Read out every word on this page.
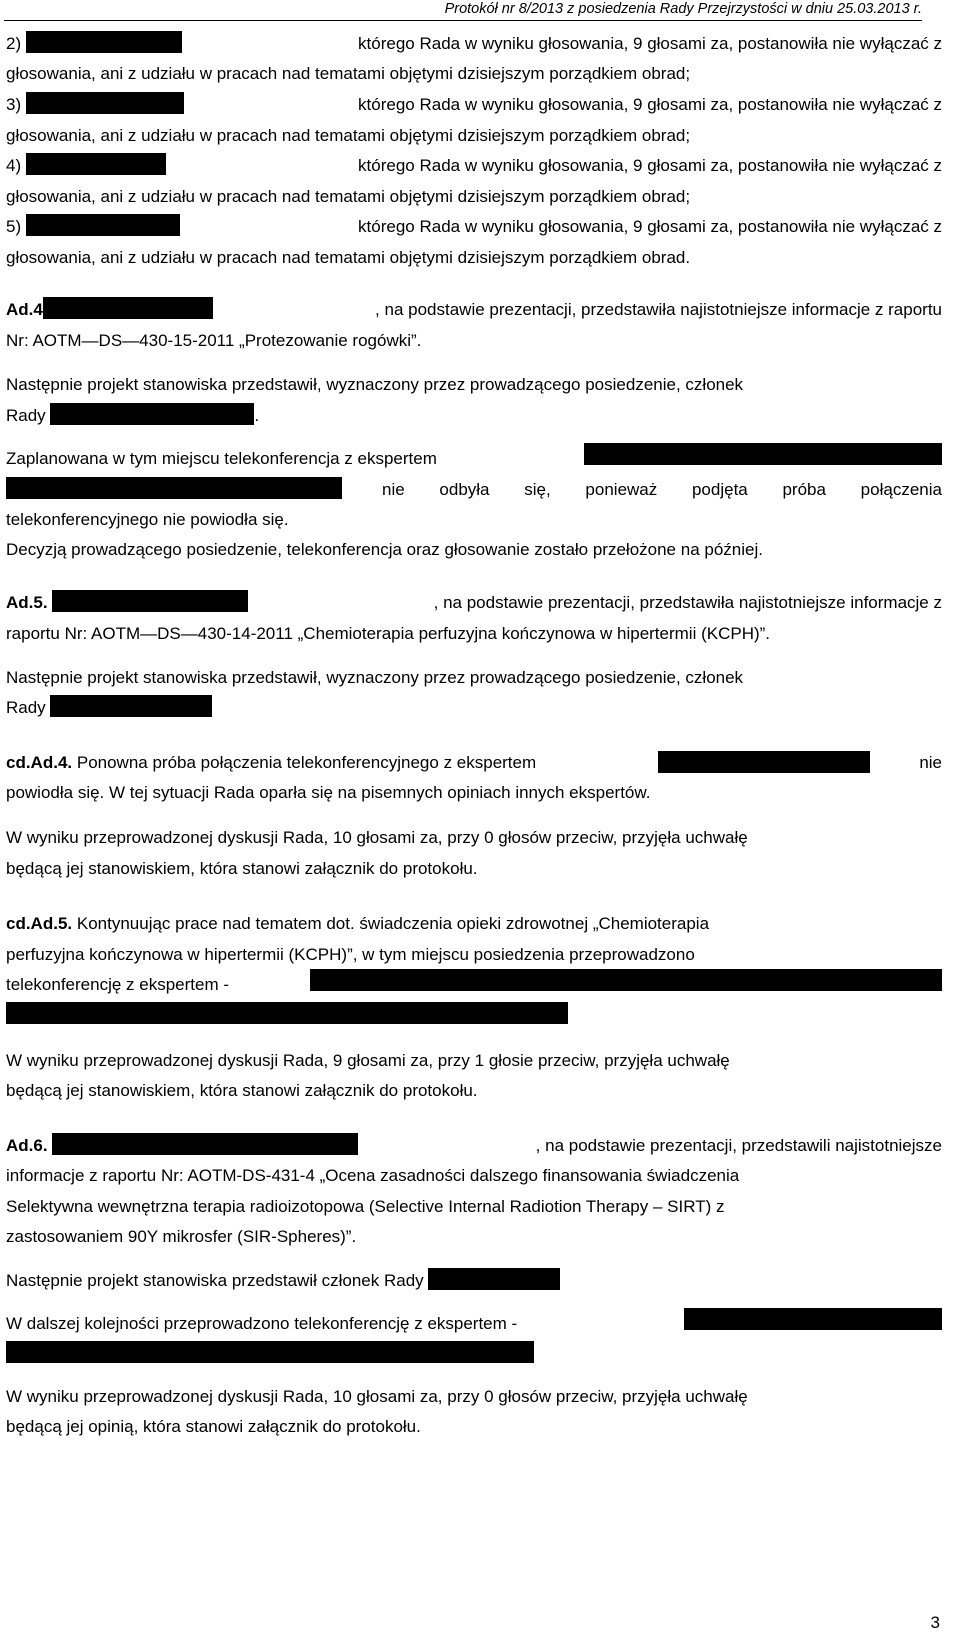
Protokół nr 8/2013 z posiedzenia Rady Przejrzystości w dniu 25.03.2013 r.
2)	którego Rada w wyniku głosowania, 9 głosami za, postanowiła nie wyłączać z
głosowania, ani z udziału w pracach nad tematami objętymi dzisiejszym porządkiem obrad;
3)	którego Rada w wyniku głosowania, 9 głosami za, postanowiła nie wyłączać z
głosowania, ani z udziału w pracach nad tematami objętymi dzisiejszym porządkiem obrad;
4)	którego Rada w wyniku głosowania, 9 głosami za, postanowiła nie wyłączać z
głosowania, ani z udziału w pracach nad tematami objętymi dzisiejszym porządkiem obrad;
5)	którego Rada w wyniku głosowania, 9 głosami za, postanowiła nie wyłączać z
głosowania, ani z udziału w pracach nad tematami objętymi dzisiejszym porządkiem obrad.
Ad.4	, na podstawie prezentacji, przedstawiła najistotniejsze informacje z raportu
Nr: AOTM—DS—430-15-2011 „Protezowanie rogówki”.
Następnie projekt stanowiska przedstawił, wyznaczony przez prowadzącego posiedzenie, członek
Rady	.
Zaplanowana w tym miejscu telekonferencja z ekspertem
nie odbyła się, ponieważ podjęta próba połączenia
telekonferencyjnego nie powiodła się.
Decyzją prowadzącego posiedzenie, telekonferencja oraz głosowanie zostało przełożone na później.
Ad.5.	, na podstawie prezentacji, przedstawiła najistotniejsze informacje z
raportu Nr: AOTM—DS—430-14-2011 „Chemioterapia perfuzyjna kończynowa w hipertermii (KCPH)”.
Następnie projekt stanowiska przedstawił, wyznaczony przez prowadzącego posiedzenie, członek
Rady
cd.Ad.4. Ponowna próba połączenia telekonferencyjnego z ekspertem	nie
powiodła się. W tej sytuacji Rada oparła się na pisemnych opiniach innych ekspertów.
W wyniku przeprowadzonej dyskusji Rada, 10 głosami za, przy 0 głosów przeciw, przyjęła uchwałę
będącą jej stanowiskiem, która stanowi załącznik do protokołu.
cd.Ad.5. Kontynuując prace nad tematem dot. świadczenia opieki zdrowotnej „Chemioterapia
perfuzyjna kończynowa w hipertermii (KCPH)”, w tym miejscu posiedzenia przeprowadzono
telekonferencję z ekspertem -
W wyniku przeprowadzonej dyskusji Rada, 9 głosami za, przy 1 głosie przeciw, przyjęła uchwałę
będącą jej stanowiskiem, która stanowi załącznik do protokołu.
Ad.6.	, na podstawie prezentacji, przedstawili najistotniejsze
informacje z raportu Nr: AOTM-DS-431-4 „Ocena zasadności dalszego finansowania świadczenia
Selektywna wewnętrzna terapia radioizotopowa (Selective Internal Radiotion Therapy – SIRT) z
zastosowaniem 90Y mikrosfer (SIR-Spheres)”.
Następnie projekt stanowiska przedstawił członek Rady
W dalszej kolejności przeprowadzono telekonferencję z ekspertem -
W wyniku przeprowadzonej dyskusji Rada, 10 głosami za, przy 0 głosów przeciw, przyjęła uchwałę
będącą jej opinią, która stanowi załącznik do protokołu.
3
